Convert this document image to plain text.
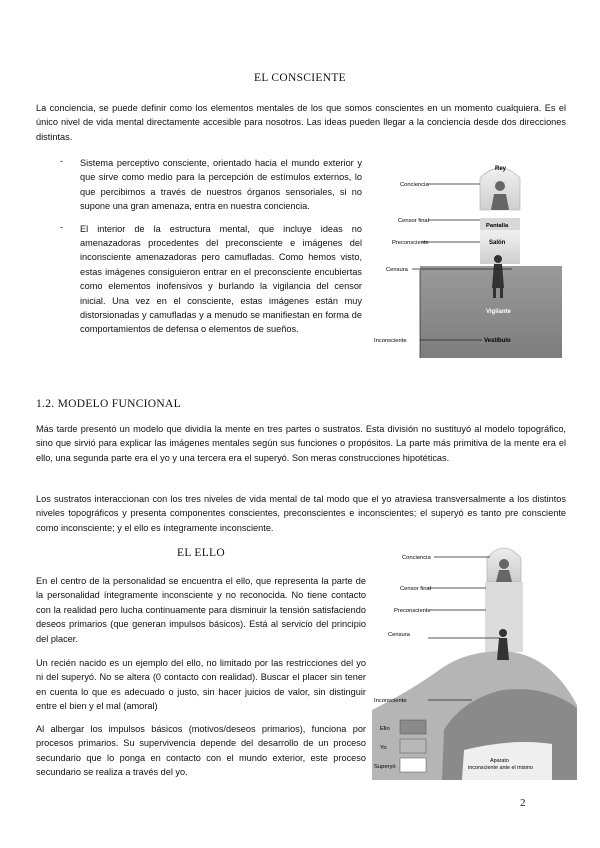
EL CONSCIENTE

La conciencia, se puede definir como los elementos mentales de los que somos conscientes en un momento cualquiera. Es el único nivel de vida mental directamente accesible para nosotros. Las ideas pueden llegar a la conciencia desde dos direcciones distintas.

- Sistema perceptivo consciente, orientado hacia el mundo exterior y que sirve como medio para la percepción de estímulos externos, lo que percibimos a través de nuestros órganos sensoriales, si no supone una gran amenaza, entra en nuestra conciencia.

- El interior de la estructura mental, que incluye ideas no amenazadoras procedentes del preconsciente e imágenes del inconsciente amenazadoras pero camufladas. Como hemos visto, estas imágenes consiguieron entrar en el preconsciente encubiertas como elementos inofensivos y burlando la vigilancia del censor inicial. Una vez en el consciente, estas imágenes están muy distorsionadas y camufladas y a menudo se manifiestan en forma de comportamientos de defensa o elementos de sueños.

Rey
Conciencia
Pantalla
Censor final
Preconsciente	Salón
Censura
Vigilante
Inconsciente	Vestíbulo
1.2. MODELO FUNCIONAL

Más tarde presentó un modelo que dividía la mente en tres partes o sustratos. Esta división no sustituyó al modelo topográfico, sino que sirvió para explicar las imágenes mentales según sus funciones o propósitos. La parte más primitiva de la mente era el ello, una segunda parte era el yo y una tercera era el superyó. Son meras construcciones hipotéticas.

Los sustratos interaccionan con los tres niveles de vida mental de tal modo que el yo atraviesa transversalmente a los distintos niveles topográficos y presenta componentes conscientes, preconscientes e inconscientes; el superyó es tanto pre consciente como inconsciente; y el ello es íntegramente inconsciente.

EL ELLO

En el centro de la personalidad se encuentra el ello, que representa la parte de la personalidad íntegramente inconsciente y no reconocida. No tiene contacto con la realidad pero lucha continuamente para disminuir la tensión satisfaciendo deseos primarios (que generan impulsos básicos). Está al servicio del principio del placer.

Un recién nacido es un ejemplo del ello, no limitado por las restricciones del yo ni del superyó. No se altera (0 contacto con realidad). Buscar el placer sin tener en cuenta lo que es adecuado o justo, sin hacer juicios de valor, sin distinguir entre el bien y el mal (amoral)

Al albergar los impulsos básicos (motivos/deseos primarios), funciona por procesos primarios. Su supervivencia depende del desarrollo de un proceso secundario que lo ponga en contacto con el mundo exterior, este proceso secundario se realiza a través del yo.

Conciencia
Censor final
Preconsciente
Censura
Inconsciente
Ello
Yo
Superyó
Aparato
inconsciente ante el mismo
2
